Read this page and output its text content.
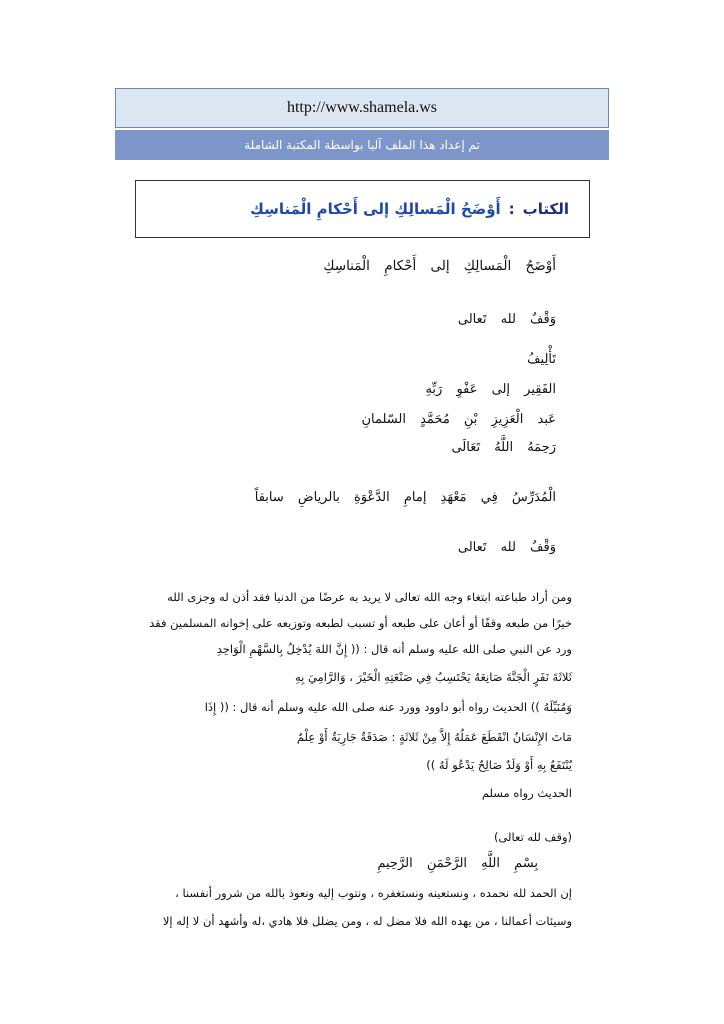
http://www.shamela.ws
تم إعداد هذا الملف آليا بواسطة المكتبة الشاملة
الكتاب
:
أَوْضَحُ الْمَسالِكِ إلى أَحْكامِ الْمَناسِكِ
أَوْضَحُ الْمَسالِكِ إلى أَحْكامِ الْمَناسِكِ
وَقْفٌ لله تَعالى
تَأْلِيفُ
الفَقِير إلى عَفْوِ رَبِّهِ
عَبد الْعَزِيزِ بْنِ مُحَمَّدٍ السّلمانِ
رَحِمَهُ اللَّهُ تَعَالَى
الْمُدَرِّسُ فِي مَعْهَدِ إمامِ الدَّعْوَةِ بالرياضِ سابقاً
وَقْفٌ لله تَعالى
ومن أراد طباعته ابتغاء وجه الله تعالى لا يريد به عرضًا من الدنيا فقد أذن له وجزى الله
خيرًا من طبعه وقفًا أو أعان على طبعه أو تسبب لطبعه وتوزيعه على إخوانه المسلمين فقد
ورد عن النبي صلى الله عليه وسلم أنه قال : (( إِنَّ اللهَ يُدْخِلُ بِالسَّهْمِ الْوَاحِدِ
ثَلاثَةَ نَفَرٍ الْجَنَّةَ صَانِعَهُ يَحْتَسِبُ فِي صَنْعَتِهِ الْخَيْرَ ، وَالرَّامِيَ بِهِ
وَمُنَبِّلَهُ )) الحديث رواه أبو داوود وورد عنه صلى الله عليه وسلم أنه قال : (( إِذَا
مَاتَ الإِنْسَانُ انْقَطَعَ عَمَلُهُ إِلاَّ مِنْ ثَلاثَةٍ : صَدَقَةٌ جَارِيَةٌ أَوْ عِلْمٌ
يُنْتَفَعُ بِهِ أَوْ وَلَدٌ صَالِحٌ يَدْعُو لَهُ ))
الحديث رواه مسلم
(وقف لله تعالى)
بِسْمِ اللَّهِ الرَّحْمَنِ الرَّحِيمِ
إن الحمد لله نحمده ، ونستعينه ونستغفره ، ونتوب إليه ونعوذ بالله من شرور أنفسنا ،
وسيئات أعمالنا ، من يهده الله فلا مضل له ، ومن يضلل فلا هادي ،له وأشهد أن لا إله إلا
